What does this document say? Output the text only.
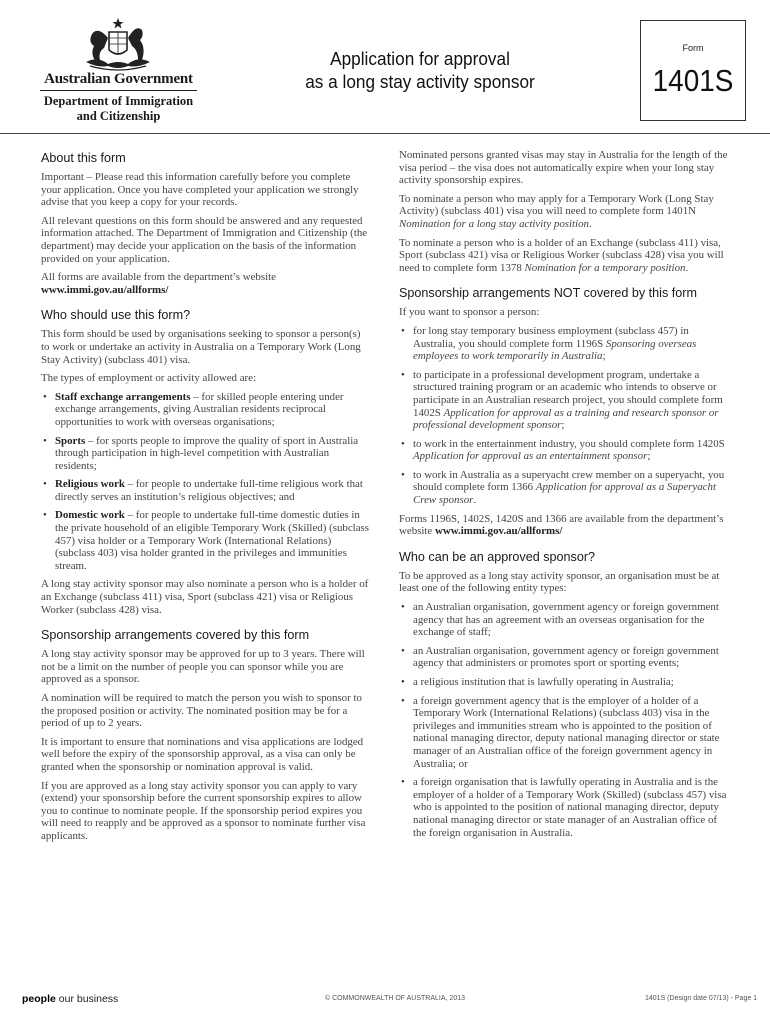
Australian Government
Department of Immigration
and Citizenship
Application for approval
as a long stay activity sponsor
Form
1401S
About this form

Important – Please read this information carefully before you complete your application. Once you have completed your application we strongly advise that you keep a copy for your records.

All relevant questions on this form should be answered and any requested information attached. The Department of Immigration and Citizenship (the department) may decide your application on the basis of the information provided on your application.

All forms are available from the department’s website
www.immi.gov.au/allforms/

Who should use this form?

This form should be used by organisations seeking to sponsor a person(s) to work or undertake an activity in Australia on a Temporary Work (Long Stay Activity) (subclass 401) visa.

The types of employment or activity allowed are:

• Staff exchange arrangements – for skilled people entering under exchange arrangements, giving Australian residents reciprocal opportunities to work with overseas organisations;
• Sports – for sports people to improve the quality of sport in Australia through participation in high-level competition with Australian residents;
• Religious work – for people to undertake full-time religious work that directly serves an institution’s religious objectives; and
• Domestic work – for people to undertake full-time domestic duties in the private household of an eligible Temporary Work (Skilled) (subclass 457) visa holder or a Temporary Work (International Relations) (subclass 403) visa holder granted in the privileges and immunities stream.

A long stay activity sponsor may also nominate a person who is a holder of an Exchange (subclass 411) visa, Sport (subclass 421) visa or Religious Worker (subclass 428) visa.

Sponsorship arrangements covered by this form

A long stay activity sponsor may be approved for up to 3 years. There will not be a limit on the number of people you can sponsor while you are approved as a sponsor.

A nomination will be required to match the person you wish to sponsor to the proposed position or activity. The nominated position may be for a period of up to 2 years.

It is important to ensure that nominations and visa applications are lodged well before the expiry of the sponsorship approval, as a visa can only be granted when the sponsorship or nomination approval is valid.

If you are approved as a long stay activity sponsor you can apply to vary (extend) your sponsorship before the current sponsorship expires to allow you to continue to nominate people. If the sponsorship period expires you will need to reapply and be approved as a sponsor to nominate further visa applicants.

Nominated persons granted visas may stay in Australia for the length of the visa period – the visa does not automatically expire when your long stay activity sponsorship expires.

To nominate a person who may apply for a Temporary Work (Long Stay Activity) (subclass 401) visa you will need to complete form 1401N Nomination for a long stay activity position.

To nominate a person who is a holder of an Exchange (subclass 411) visa, Sport (subclass 421) visa or Religious Worker (subclass 428) visa you will need to complete form 1378 Nomination for a temporary position.

Sponsorship arrangements NOT covered by this form

If you want to sponsor a person:

• for long stay temporary business employment (subclass 457) in Australia, you should complete form 1196S Sponsoring overseas employees to work temporarily in Australia;
• to participate in a professional development program, undertake a structured training program or an academic who intends to observe or participate in an Australian research project, you should complete form 1402S Application for approval as a training and research sponsor or professional development sponsor;
• to work in the entertainment industry, you should complete form 1420S Application for approval as an entertainment sponsor;
• to work in Australia as a superyacht crew member on a superyacht, you should complete form 1366 Application for approval as a Superyacht Crew sponsor.

Forms 1196S, 1402S, 1420S and 1366 are available from the department’s website www.immi.gov.au/allforms/

Who can be an approved sponsor?

To be approved as a long stay activity sponsor, an organisation must be at least one of the following entity types:

• an Australian organisation, government agency or foreign government agency that has an agreement with an overseas organisation for the exchange of staff;
• an Australian organisation, government agency or foreign government agency that administers or promotes sport or sporting events;
• a religious institution that is lawfully operating in Australia;
• a foreign government agency that is the employer of a holder of a Temporary Work (International Relations) (subclass 403) visa in the privileges and immunities stream who is appointed to the position of national managing director, deputy national managing director or state manager of an Australian office of the foreign government agency in Australia; or
• a foreign organisation that is lawfully operating in Australia and is the employer of a holder of a Temporary Work (Skilled) (subclass 457) visa who is appointed to the position of national managing director, deputy national managing director or state manager of an Australian office of the foreign organisation in Australia.
people our business	© COMMONWEALTH OF AUSTRALIA, 2013	1401S (Design date 07/13) - Page 1
